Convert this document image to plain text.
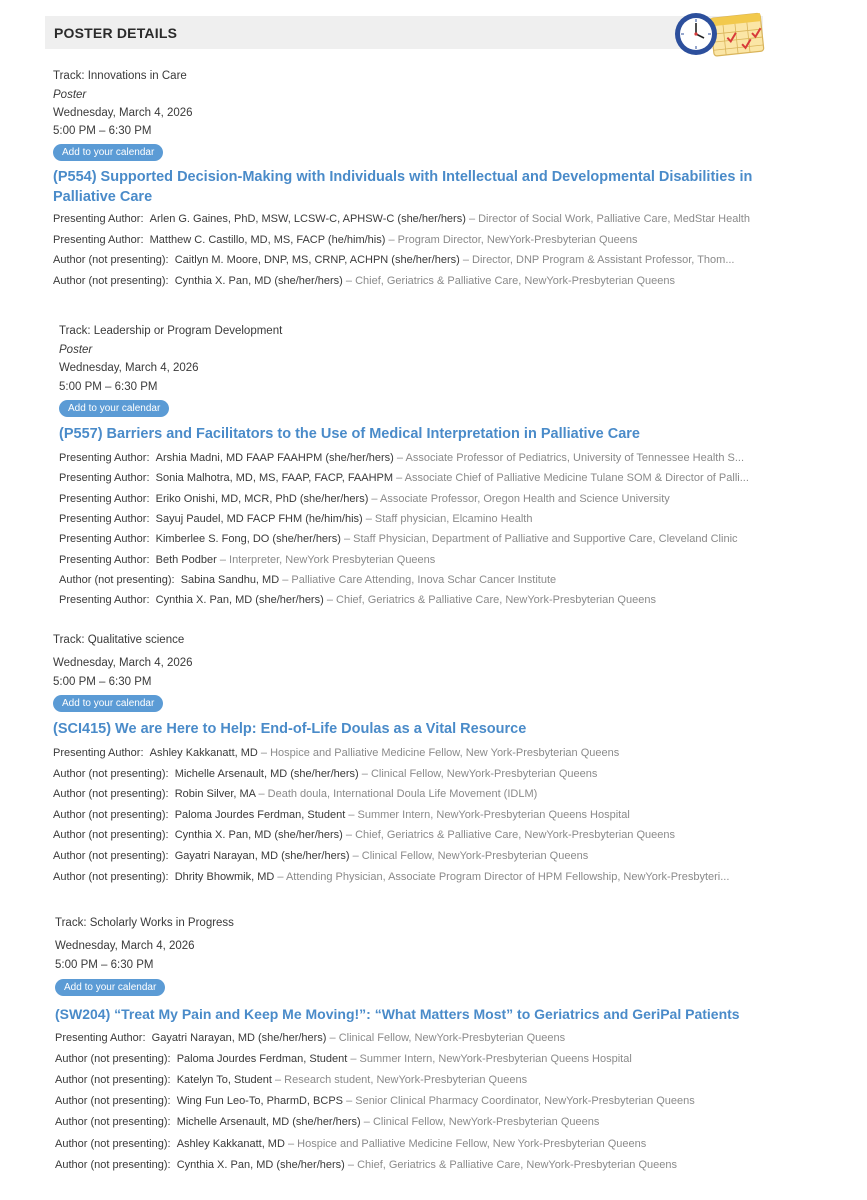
POSTER DETAILS
Track: Innovations in Care
Poster
Wednesday, March 4, 2026
5:00 PM – 6:30 PM
Add to your calendar
(P554) Supported Decision-Making with Individuals with Intellectual and Developmental Disabilities in Palliative Care
Presenting Author: Arlen G. Gaines, PhD, MSW, LCSW-C, APHSW-C (she/her/hers) – Director of Social Work, Palliative Care, MedStar Health
Presenting Author: Matthew C. Castillo, MD, MS, FACP (he/him/his) – Program Director, NewYork-Presbyterian Queens
Author (not presenting): Caitlyn M. Moore, DNP, MS, CRNP, ACHPN (she/her/hers) – Director, DNP Program & Assistant Professor, Thom...
Author (not presenting): Cynthia X. Pan, MD (she/her/hers) – Chief, Geriatrics & Palliative Care, NewYork-Presbyterian Queens
Track: Leadership or Program Development
Poster
Wednesday, March 4, 2026
5:00 PM – 6:30 PM
Add to your calendar
(P557) Barriers and Facilitators to the Use of Medical Interpretation in Palliative Care
Presenting Author: Arshia Madni, MD FAAP FAAHPM (she/her/hers) – Associate Professor of Pediatrics, University of Tennessee Health S...
Presenting Author: Sonia Malhotra, MD, MS, FAAP, FACP, FAAHPM – Associate Chief of Palliative Medicine Tulane SOM & Director of Palli...
Presenting Author: Eriko Onishi, MD, MCR, PhD (she/her/hers) – Associate Professor, Oregon Health and Science University
Presenting Author: Sayuj Paudel, MD FACP FHM (he/him/his) – Staff physician, Elcamino Health
Presenting Author: Kimberlee S. Fong, DO (she/her/hers) – Staff Physician, Department of Palliative and Supportive Care, Cleveland Clinic
Presenting Author: Beth Podber – Interpreter, NewYork Presbyterian Queens
Author (not presenting): Sabina Sandhu, MD – Palliative Care Attending, Inova Schar Cancer Institute
Presenting Author: Cynthia X. Pan, MD (she/her/hers) – Chief, Geriatrics & Palliative Care, NewYork-Presbyterian Queens
Track: Qualitative science
Wednesday, March 4, 2026
5:00 PM – 6:30 PM
Add to your calendar
(SCI415) We are Here to Help: End-of-Life Doulas as a Vital Resource
Presenting Author: Ashley Kakkanatt, MD – Hospice and Palliative Medicine Fellow, New York-Presbyterian Queens
Author (not presenting): Michelle Arsenault, MD (she/her/hers) – Clinical Fellow, NewYork-Presbyterian Queens
Author (not presenting): Robin Silver, MA – Death doula, International Doula Life Movement (IDLM)
Author (not presenting): Paloma Jourdes Ferdman, Student – Summer Intern, NewYork-Presbyterian Queens Hospital
Author (not presenting): Cynthia X. Pan, MD (she/her/hers) – Chief, Geriatrics & Palliative Care, NewYork-Presbyterian Queens
Author (not presenting): Gayatri Narayan, MD (she/her/hers) – Clinical Fellow, NewYork-Presbyterian Queens
Author (not presenting): Dhrity Bhowmik, MD – Attending Physician, Associate Program Director of HPM Fellowship, NewYork-Presbyteri...
Track: Scholarly Works in Progress
Wednesday, March 4, 2026
5:00 PM – 6:30 PM
Add to your calendar
(SW204) “Treat My Pain and Keep Me Moving!”: “What Matters Most” to Geriatrics and GeriPal Patients
Presenting Author: Gayatri Narayan, MD (she/her/hers) – Clinical Fellow, NewYork-Presbyterian Queens
Author (not presenting): Paloma Jourdes Ferdman, Student – Summer Intern, NewYork-Presbyterian Queens Hospital
Author (not presenting): Katelyn To, Student – Research student, NewYork-Presbyterian Queens
Author (not presenting): Wing Fun Leo-To, PharmD, BCPS – Senior Clinical Pharmacy Coordinator, NewYork-Presbyterian Queens
Author (not presenting): Michelle Arsenault, MD (she/her/hers) – Clinical Fellow, NewYork-Presbyterian Queens
Author (not presenting): Ashley Kakkanatt, MD – Hospice and Palliative Medicine Fellow, New York-Presbyterian Queens
Author (not presenting): Cynthia X. Pan, MD (she/her/hers) – Chief, Geriatrics & Palliative Care, NewYork-Presbyterian Queens
